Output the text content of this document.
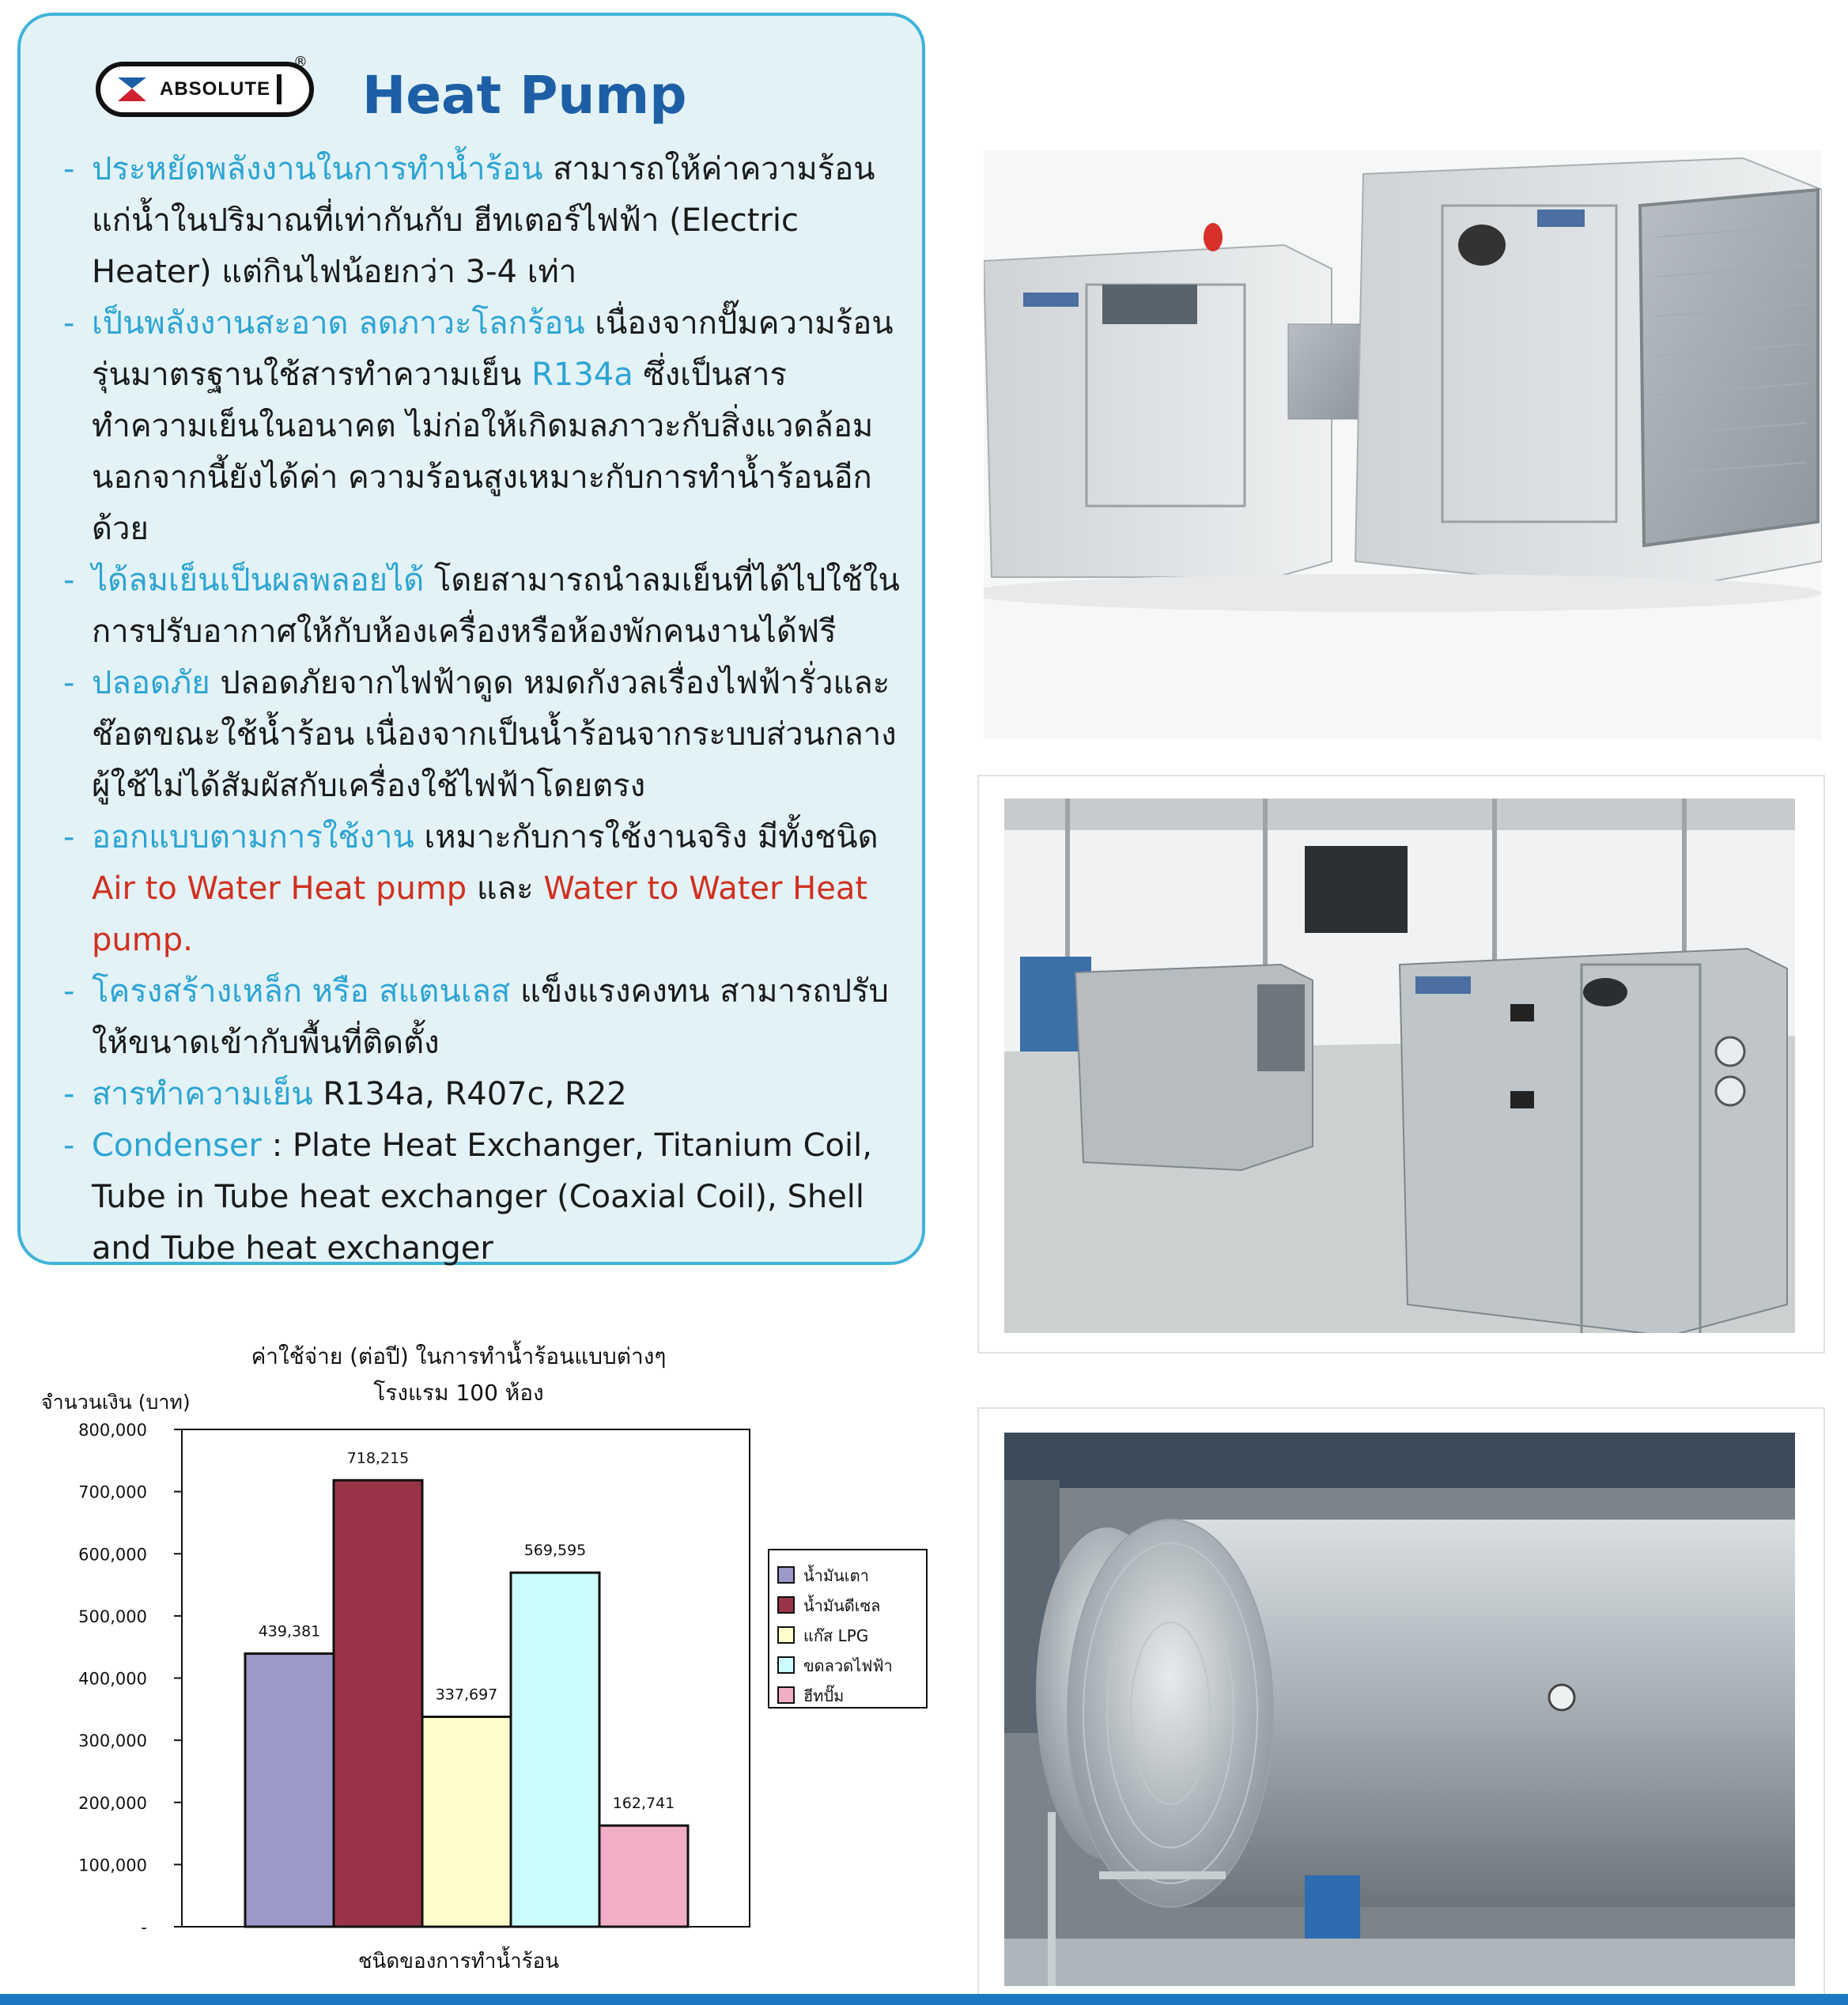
ABSOLUTE
®
Heat Pump
- ประหยัดพลังงานในการทำน้ำร้อน สามารถให้ค่าความร้อนแก่น้ำในปริมาณที่เท่ากันกับ ฮีทเตอร์ไฟฟ้า (Electric Heater) แต่กินไฟน้อยกว่า 3-4 เท่า
- เป็นพลังงานสะอาด ลดภาวะโลกร้อน เนื่องจากปั๊มความร้อนรุ่นมาตรฐานใช้สารทำความเย็น R134a ซึ่งเป็นสารทำความเย็นในอนาคต ไม่ก่อให้เกิดมลภาวะกับสิ่งแวดล้อม นอกจากนี้ยังได้ค่า ความร้อนสูงเหมาะกับการทำน้ำร้อนอีกด้วย
- ได้ลมเย็นเป็นผลพลอยได้ โดยสามารถนำลมเย็นที่ได้ไปใช้ในการปรับอากาศให้กับห้องเครื่องหรือห้องพักคนงานได้ฟรี
- ปลอดภัย ปลอดภัยจากไฟฟ้าดูด หมดกังวลเรื่องไฟฟ้ารั่วและช๊อตขณะใช้น้ำร้อน เนื่องจากเป็นน้ำร้อนจากระบบส่วนกลาง ผู้ใช้ไม่ได้สัมผัสกับเครื่องใช้ไฟฟ้าโดยตรง
- ออกแบบตามการใช้งาน เหมาะกับการใช้งานจริง มีทั้งชนิด
Air to Water Heat pump และ Water to Water Heat pump.
- โครงสร้างเหล็ก หรือ สแตนเลส แข็งแรงคงทน สามารถปรับให้ขนาดเข้ากับพื้นที่ติดตั้ง
- สารทำความเย็น R134a, R407c, R22
- Condenser : Plate Heat Exchanger, Titanium Coil, Tube in Tube heat exchanger (Coaxial Coil), Shell and Tube heat exchanger
ค่าใช้จ่าย (ต่อปี) ในการทำน้ำร้อนแบบต่างๆ
โรงแรม 100 ห้อง
จำนวนเงิน (บาท)
-
100,000
200,000
300,000
400,000
500,000
600,000
700,000
800,000
439,381
718,215
337,697
569,595
162,741
น้ำมันเตา
น้ำมันดีเซล
แก๊ส LPG
ขดลวดไฟฟ้า
ฮีทปั๊ม
ชนิดของการทำน้ำร้อน
